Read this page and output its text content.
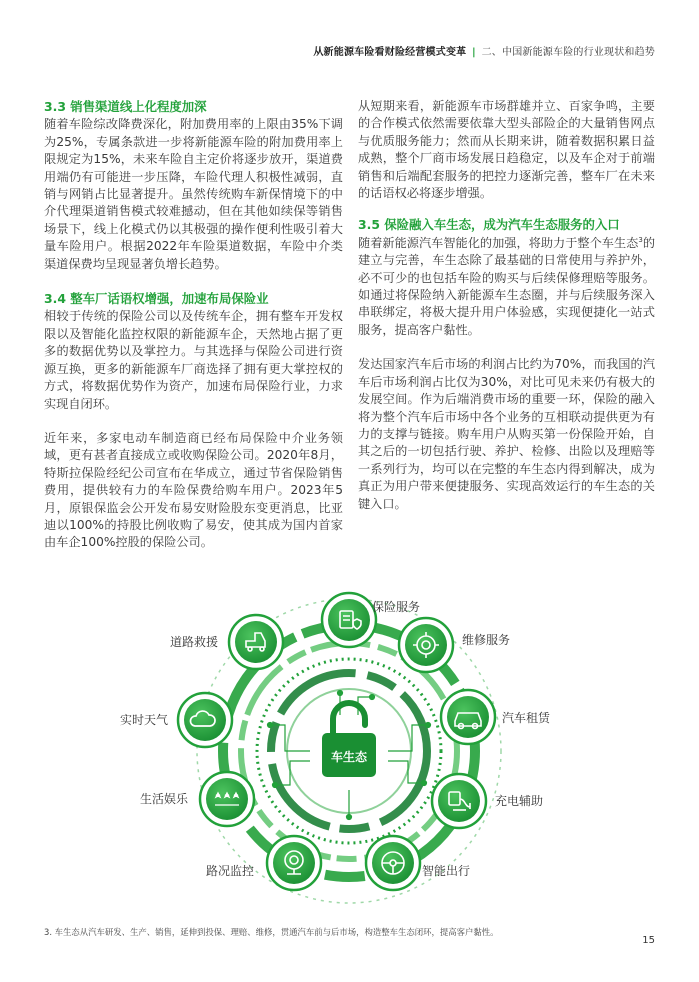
从新能源车险看财险经营模式变革 | 二、中国新能源车险的行业现状和趋势
3.3 销售渠道线上化程度加深

随着车险综改降费深化，附加费用率的上限由35%下调为25%，专属条款进一步将新能源车险的附加费用率上限规定为15%，未来车险自主定价将逐步放开，渠道费用端仍有可能进一步压降，车险代理人积极性减弱，直销与网销占比显著提升。虽然传统购车新保情境下的中介代理渠道销售模式较难撼动，但在其他如续保等销售场景下，线上化模式仍以其极强的操作便利性吸引着大量车险用户。根据2022年车险渠道数据，车险中介类渠道保费均呈现显著负增长趋势。

3.4 整车厂话语权增强，加速布局保险业

相较于传统的保险公司以及传统车企，拥有整车开发权限以及智能化监控权限的新能源车企，天然地占据了更多的数据优势以及掌控力。与其选择与保险公司进行资源互换，更多的新能源车厂商选择了拥有更大掌控权的方式，将数据优势作为资产，加速布局保险行业，力求实现自闭环。

近年来，多家电动车制造商已经布局保险中介业务领域，更有甚者直接成立或收购保险公司。2020年8月，特斯拉保险经纪公司宣布在华成立，通过节省保险销售费用，提供较有力的车险保费给购车用户。2023年5月，原银保监会公开发布易安财险股东变更消息，比亚迪以100%的持股比例收购了易安，使其成为国内首家由车企100%控股的保险公司。

从短期来看，新能源车市场群雄并立、百家争鸣，主要的合作模式依然需要依靠大型头部险企的大量销售网点与优质服务能力；然而从长期来讲，随着数据积累日益成熟，整个厂商市场发展日趋稳定，以及车企对于前端销售和后端配套服务的把控力逐渐完善，整车厂在未来的话语权必将逐步增强。

3.5 保险融入车生态，成为汽车生态服务的入口

随着新能源汽车智能化的加强，将助力于整个车生态$^3$的建立与完善，车生态除了最基础的日常使用与养护外，必不可少的也包括车险的购买与后续保修理赔等服务。如通过将保险纳入新能源车生态圈，并与后续服务深入串联绑定，将极大提升用户体验感，实现便捷化一站式服务，提高客户黏性。

发达国家汽车后市场的利润占比约为70%，而我国的汽车后市场利润占比仅为30%，对比可见未来仍有极大的发展空间。作为后端消费市场的重要一环，保险的融入将为整个汽车后市场中各个业务的互相联动提供更为有力的支撑与链接。购车用户从购买第一份保险开始，自其之后的一切包括行驶、养护、检修、出险以及理赔等一系列行为，均可以在完整的车生态内得到解决，成为真正为用户带来便捷服务、实现高效运行的车生态的关键入口。

车生态
保险服务
维修服务
汽车租赁
充电辅助
智能出行
路况监控
生活娱乐
实时天气
道路救援
3. 车生态从汽车研发、生产、销售，延伸到投保、理赔、维修，贯通汽车前与后市场，构造整车生态闭环，提高客户黏性。
15
